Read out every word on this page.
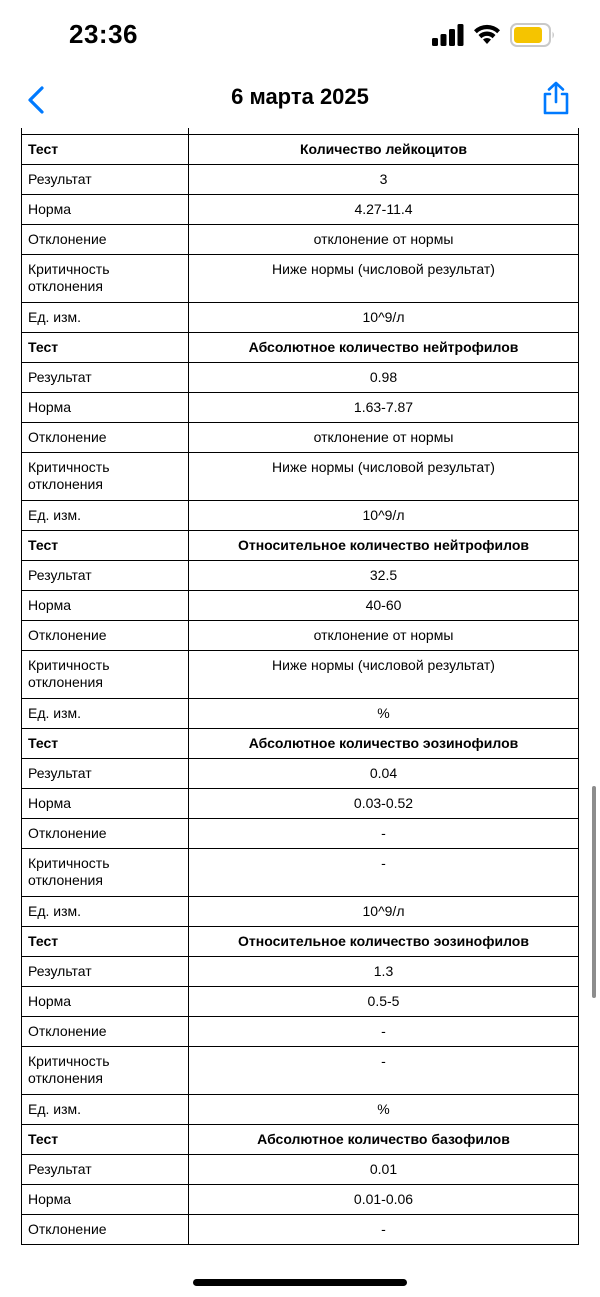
23:36
6 марта 2025
Тест	Количество лейкоцитов
Результат	3
Норма	4.27-11.4
Отклонение	отклонение от нормы
Критичность отклонения	Ниже нормы (числовой результат)
Ед. изм.	10^9/л
Тест	Абсолютное количество нейтрофилов
Результат	0.98
Норма	1.63-7.87
Отклонение	отклонение от нормы
Критичность отклонения	Ниже нормы (числовой результат)
Ед. изм.	10^9/л
Тест	Относительное количество нейтрофилов
Результат	32.5
Норма	40-60
Отклонение	отклонение от нормы
Критичность отклонения	Ниже нормы (числовой результат)
Ед. изм.	%
Тест	Абсолютное количество эозинофилов
Результат	0.04
Норма	0.03-0.52
Отклонение	-
Критичность отклонения	-
Ед. изм.	10^9/л
Тест	Относительное количество эозинофилов
Результат	1.3
Норма	0.5-5
Отклонение	-
Критичность отклонения	-
Ед. изм.	%
Тест	Абсолютное количество базофилов
Результат	0.01
Норма	0.01-0.06
Отклонение	-
